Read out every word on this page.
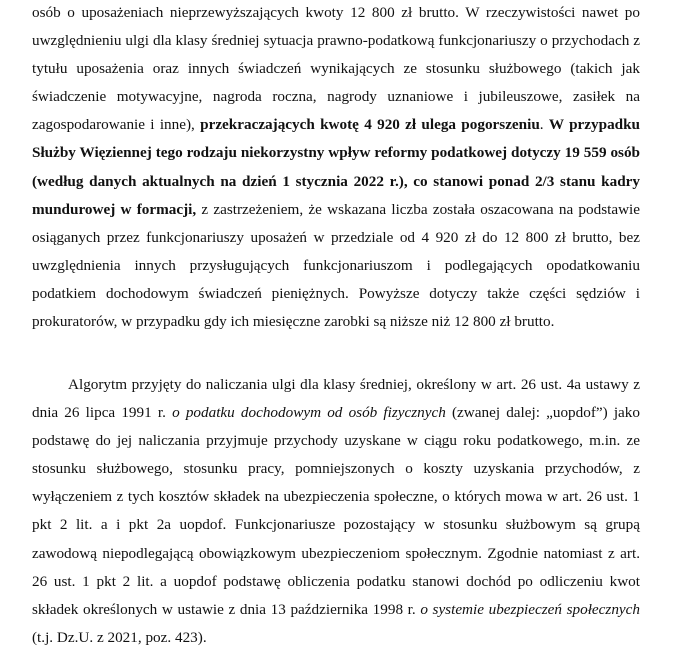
osób o uposażeniach nieprzewyższających kwoty 12 800 zł brutto. W rzeczywistości nawet po uwzględnieniu ulgi dla klasy średniej sytuacja prawno-podatkową funkcjonariuszy o przychodach z tytułu uposażenia oraz innych świadczeń wynikających ze stosunku służbowego (takich jak świadczenie motywacyjne, nagroda roczna, nagrody uznaniowe i jubileuszowe, zasiłek na zagospodarowanie i inne), przekraczających kwotę 4 920 zł ulega pogorszeniu. W przypadku Służby Więziennej tego rodzaju niekorzystny wpływ reformy podatkowej dotyczy 19 559 osób (według danych aktualnych na dzień 1 stycznia 2022 r.), co stanowi ponad 2/3 stanu kadry mundurowej w formacji, z zastrzeżeniem, że wskazana liczba została oszacowana na podstawie osiąganych przez funkcjonariuszy uposażeń w przedziale od 4 920 zł do 12 800 zł brutto, bez uwzględnienia innych przysługujących funkcjonariuszom i podlegających opodatkowaniu podatkiem dochodowym świadczeń pieniężnych. Powyższe dotyczy także części sędziów i prokuratorów, w przypadku gdy ich miesięczne zarobki są niższe niż 12 800 zł brutto.

Algorytm przyjęty do naliczania ulgi dla klasy średniej, określony w art. 26 ust. 4a ustawy z dnia 26 lipca 1991 r. o podatku dochodowym od osób fizycznych (zwanej dalej: „uopdof”) jako podstawę do jej naliczania przyjmuje przychody uzyskane w ciągu roku podatkowego, m.in. ze stosunku służbowego, stosunku pracy, pomniejszonych o koszty uzyskania przychodów, z wyłączeniem z tych kosztów składek na ubezpieczenia społeczne, o których mowa w art. 26 ust. 1 pkt 2 lit. a i pkt 2a uopdof. Funkcjonariusze pozostający w stosunku służbowym są grupą zawodową niepodlegającą obowiązkowym ubezpieczeniom społecznym. Zgodnie natomiast z art. 26 ust. 1 pkt 2 lit. a uopdof podstawę obliczenia podatku stanowi dochód po odliczeniu kwot składek określonych w ustawie z dnia 13 października 1998 r. o systemie ubezpieczeń społecznych (t.j. Dz.U. z 2021, poz. 423).
